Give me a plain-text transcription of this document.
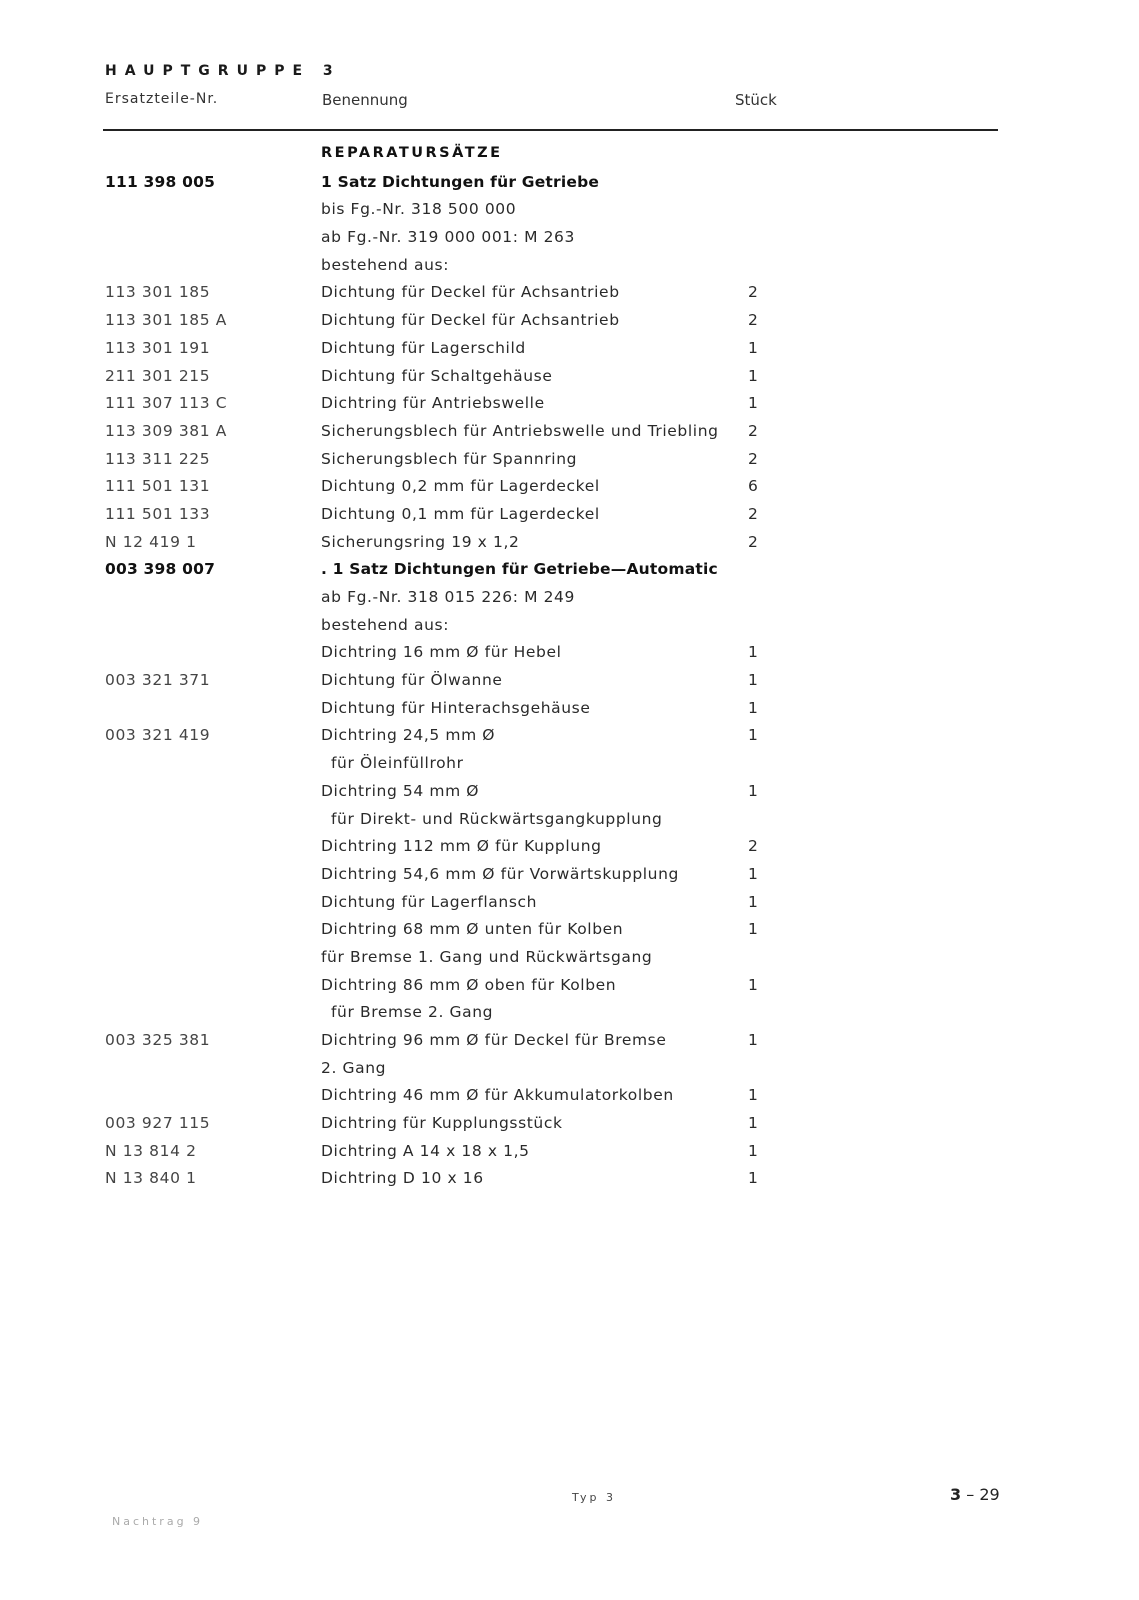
HAUPTGRUPPE 3
Ersatzteile-Nr.	Benennung	Stück
REPARATURSÄTZE
111 398 005	1 Satz Dichtungen für Getriebe
bis Fg.-Nr. 318 500 000
ab Fg.-Nr. 319 000 001: M 263
bestehend aus:
113 301 185	Dichtung für Deckel für Achsantrieb	2
113 301 185 A	Dichtung für Deckel für Achsantrieb	2
113 301 191	Dichtung für Lagerschild	1
211 301 215	Dichtung für Schaltgehäuse	1
111 307 113 C	Dichtring für Antriebswelle	1
113 309 381 A	Sicherungsblech für Antriebswelle und Triebling 2
113 311 225	Sicherungsblech für Spannring	2
111 501 131	Dichtung 0,2 mm für Lagerdeckel	6
111 501 133	Dichtung 0,1 mm für Lagerdeckel	2
N 12 419 1	Sicherungsring 19 x 1,2	2
003 398 007	. 1 Satz Dichtungen für Getriebe—Automatic
ab Fg.-Nr. 318 015 226: M 249
bestehend aus:
Dichtring 16 mm Ø für Hebel	1
003 321 371	Dichtung für Ölwanne	1
Dichtung für Hinterachsgehäuse	1
003 321 419	Dichtring 24,5 mm Ø	1
für Öleinfüllrohr
Dichtring 54 mm Ø	1
für Direkt- und Rückwärtsgangkupplung
Dichtring 112 mm Ø für Kupplung	2
Dichtring 54,6 mm Ø für Vorwärtskupplung	1
Dichtung für Lagerflansch	1
Dichtring 68 mm Ø unten für Kolben	1
für Bremse 1. Gang und Rückwärtsgang
Dichtring 86 mm Ø oben für Kolben	1
für Bremse 2. Gang
003 325 381	Dichtring 96 mm Ø für Deckel für Bremse	1
2. Gang
Dichtring 46 mm Ø für Akkumulatorkolben	1
003 927 115	Dichtring für Kupplungsstück	1
N 13 814 2	Dichtring A 14 x 18 x 1,5	1
N 13 840 1	Dichtring D 10 x 16	1
Typ 3	3 – 29
Nachtrag 9
